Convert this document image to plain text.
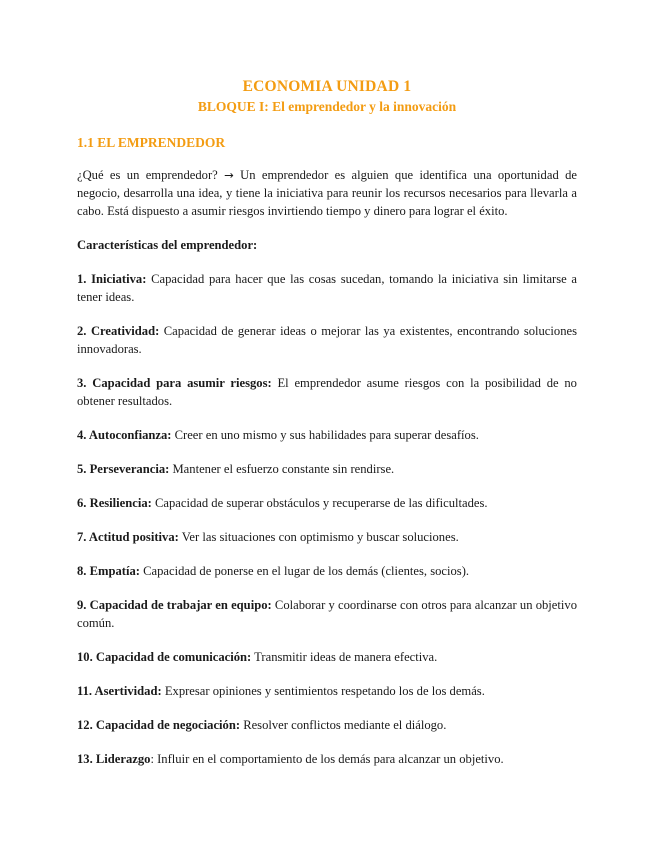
ECONOMIA UNIDAD 1
BLOQUE I: El emprendedor y la innovación
1.1 EL EMPRENDEDOR

¿Qué es un emprendedor? → Un emprendedor es alguien que identifica una oportunidad de negocio, desarrolla una idea, y tiene la iniciativa para reunir los recursos necesarios para llevarla a cabo. Está dispuesto a asumir riesgos invirtiendo tiempo y dinero para lograr el éxito.

Características del emprendedor:

1. Iniciativa: Capacidad para hacer que las cosas sucedan, tomando la iniciativa sin limitarse a tener ideas.

2. Creatividad: Capacidad de generar ideas o mejorar las ya existentes, encontrando soluciones innovadoras.

3. Capacidad para asumir riesgos: El emprendedor asume riesgos con la posibilidad de no obtener resultados.

4. Autoconfianza: Creer en uno mismo y sus habilidades para superar desafíos.

5. Perseverancia: Mantener el esfuerzo constante sin rendirse.

6. Resiliencia: Capacidad de superar obstáculos y recuperarse de las dificultades.

7. Actitud positiva: Ver las situaciones con optimismo y buscar soluciones.

8. Empatía: Capacidad de ponerse en el lugar de los demás (clientes, socios).

9. Capacidad de trabajar en equipo: Colaborar y coordinarse con otros para alcanzar un objetivo común.

10. Capacidad de comunicación: Transmitir ideas de manera efectiva.

11. Asertividad: Expresar opiniones y sentimientos respetando los de los demás.

12. Capacidad de negociación: Resolver conflictos mediante el diálogo.

13. Liderazgo: Influir en el comportamiento de los demás para alcanzar un objetivo.
